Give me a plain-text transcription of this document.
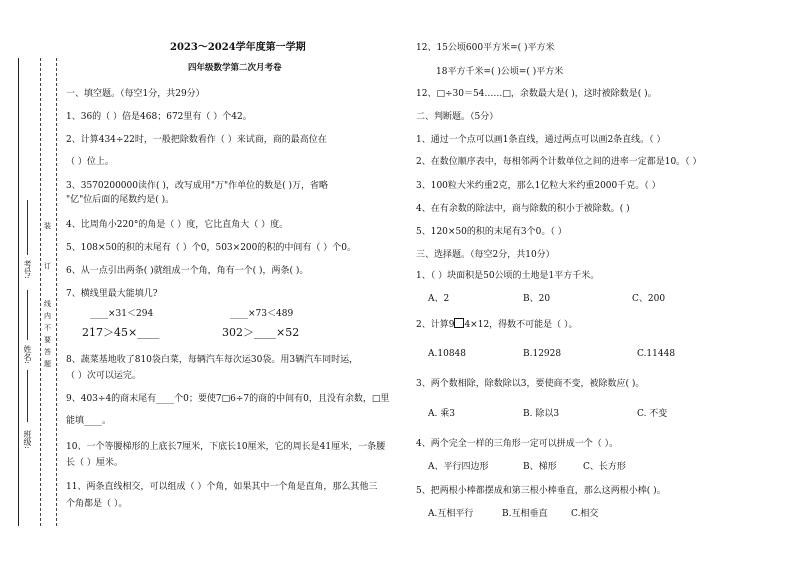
班级:
姓名:
考号:
装
订
线
内
不
要
答
题
2023～2024学年度第一学期
四年级数学第二次月考卷
一、填空题。（每空1分，共29分）
1、36的（ ）倍是468；672里有（ ）个42。
2、计算434÷22时，一般把除数看作（ ）来试商，商的最高位在
（ ）位上。
3、3570200000读作( )，改写成用"万"作单位的数是( )万，省略
"亿"位后面的尾数约是( )。
4、比周角小220°的角是（ ）度，它比直角大（ ）度。
5、108×50的积的末尾有（ ）个0，503×200的积的中间有（ ）个0。
6、从一点引出两条( )就组成一个角，角有一个( )，两条( )。
7、横线里最大能填几?
____×31＜294	____×73＜489
217＞45×____	302＞____×52
8、蔬菜基地收了810袋白菜，每辆汽车每次运30袋。用3辆汽车同时运，
（ ）次可以运完。
9、403÷4的商末尾有____个0；要使7□6÷7的商的中间有0，且没有余数，□里
能填____。
10、一个等腰梯形的上底长7厘米，下底长10厘米，它的周长是41厘米，一条腰
长（ ）厘米。
11、两条直线相交，可以组成（ ）个角，如果其中一个角是直角，那么其他三
个角都是（ ）。
12、15公顷600平方米=( )平方米
18平方千米=( )公顷=( )平方米
12、□÷30＝54……□，余数最大是( )，这时被除数是( )。
二、判断题。（5分）
1、通过一个点可以画1条直线，通过两点可以画2条直线。（ ）
2、在数位顺序表中，每相邻两个计数单位之间的进率一定都是10。（ ）
3、100粒大米约重2克，那么1亿粒大米约重2000千克。（ ）
4、在有余数的除法中，商与除数的积小于被除数。( )
5、120×50的积的末尾有3个0。（ ）
三、选择题。（每空2分，共10分）
1、（ ）块面积是50公顷的土地是1平方千米。
A、2	B、20	C、200
2、计算9 4×12，得数不可能是（ ）。
A.10848	B.12928	C.11448
3、两个数相除，除数除以3，要使商不变，被除数应( )。
A. 乘3	B. 除以3	C. 不变
4、两个完全一样的三角形一定可以拼成一个（ ）。
A、平行四边形	B、梯形	C、长方形
5、把两根小棒都摆成和第三根小棒垂直，那么这两根小棒( )。
A.互相平行	B.互相垂直	C.相交
